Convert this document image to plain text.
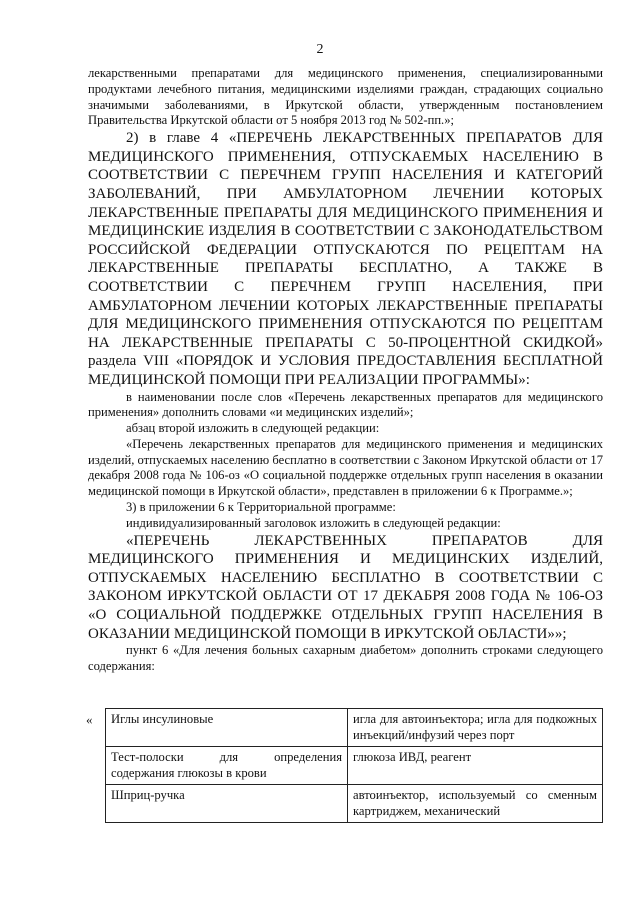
2

лекарственными препаратами для медицинского применения, специализированными продуктами лечебного питания, медицинскими изделиями граждан, страдающих социально значимыми заболеваниями, в Иркутской области, утвержденным постановлением Правительства Иркутской области от 5 ноября 2013 год № 502-пп.»;

2) в главе 4 «ПЕРЕЧЕНЬ ЛЕКАРСТВЕННЫХ ПРЕПАРАТОВ ДЛЯ МЕДИЦИНСКОГО ПРИМЕНЕНИЯ, ОТПУСКАЕМЫХ НАСЕЛЕНИЮ В СООТВЕТСТВИИ С ПЕРЕЧНЕМ ГРУПП НАСЕЛЕНИЯ И КАТЕГОРИЙ ЗАБОЛЕВАНИЙ, ПРИ АМБУЛАТОРНОМ ЛЕЧЕНИИ КОТОРЫХ ЛЕКАРСТВЕННЫЕ ПРЕПАРАТЫ ДЛЯ МЕДИЦИНСКОГО ПРИМЕНЕНИЯ И МЕДИЦИНСКИЕ ИЗДЕЛИЯ В СООТВЕТСТВИИ С ЗАКОНОДАТЕЛЬСТВОМ РОССИЙСКОЙ ФЕДЕРАЦИИ ОТПУСКАЮТСЯ ПО РЕЦЕПТАМ НА ЛЕКАРСТВЕННЫЕ ПРЕПАРАТЫ БЕСПЛАТНО, А ТАКЖЕ В СООТВЕТСТВИИ С ПЕРЕЧНЕМ ГРУПП НАСЕЛЕНИЯ, ПРИ АМБУЛАТОРНОМ ЛЕЧЕНИИ КОТОРЫХ ЛЕКАРСТВЕННЫЕ ПРЕПАРАТЫ ДЛЯ МЕДИЦИНСКОГО ПРИМЕНЕНИЯ ОТПУСКАЮТСЯ ПО РЕЦЕПТАМ НА ЛЕКАРСТВЕННЫЕ ПРЕПАРАТЫ С 50-ПРОЦЕНТНОЙ СКИДКОЙ» раздела VIII «ПОРЯДОК И УСЛОВИЯ ПРЕДОСТАВЛЕНИЯ БЕСПЛАТНОЙ МЕДИЦИНСКОЙ ПОМОЩИ ПРИ РЕАЛИЗАЦИИ ПРОГРАММЫ»:

в наименовании после слов «Перечень лекарственных препаратов для медицинского применения» дополнить словами «и медицинских изделий»;

абзац второй изложить в следующей редакции:

«Перечень лекарственных препаратов для медицинского применения и медицинских изделий, отпускаемых населению бесплатно в соответствии с Законом Иркутской области от 17 декабря 2008 года № 106-оз «О социальной поддержке отдельных групп населения в оказании медицинской помощи в Иркутской области», представлен в приложении 6 к Программе.»;

3) в приложении 6 к Территориальной программе:

индивидуализированный заголовок изложить в следующей редакции:

«ПЕРЕЧЕНЬ ЛЕКАРСТВЕННЫХ ПРЕПАРАТОВ ДЛЯ МЕДИЦИНСКОГО ПРИМЕНЕНИЯ И МЕДИЦИНСКИХ ИЗДЕЛИЙ, ОТПУСКАЕМЫХ НАСЕЛЕНИЮ БЕСПЛАТНО В СООТВЕТСТВИИ С ЗАКОНОМ ИРКУТСКОЙ ОБЛАСТИ ОТ 17 ДЕКАБРЯ 2008 ГОДА № 106-ОЗ «О СОЦИАЛЬНОЙ ПОДДЕРЖКЕ ОТДЕЛЬНЫХ ГРУПП НАСЕЛЕНИЯ В ОКАЗАНИИ МЕДИЦИНСКОЙ ПОМОЩИ В ИРКУТСКОЙ ОБЛАСТИ»»;

пункт 6 «Для лечения больных сахарным диабетом» дополнить строками следующего содержания:

«	Иглы инсулиновые	игла для автоинъектора; игла для подкожных инъекций/инфузий через порт
Тест-полоски для определения содержания глюкозы в крови	глюкоза ИВД, реагент
Шприц-ручка	автоинъектор, используемый со сменным картриджем, механический
